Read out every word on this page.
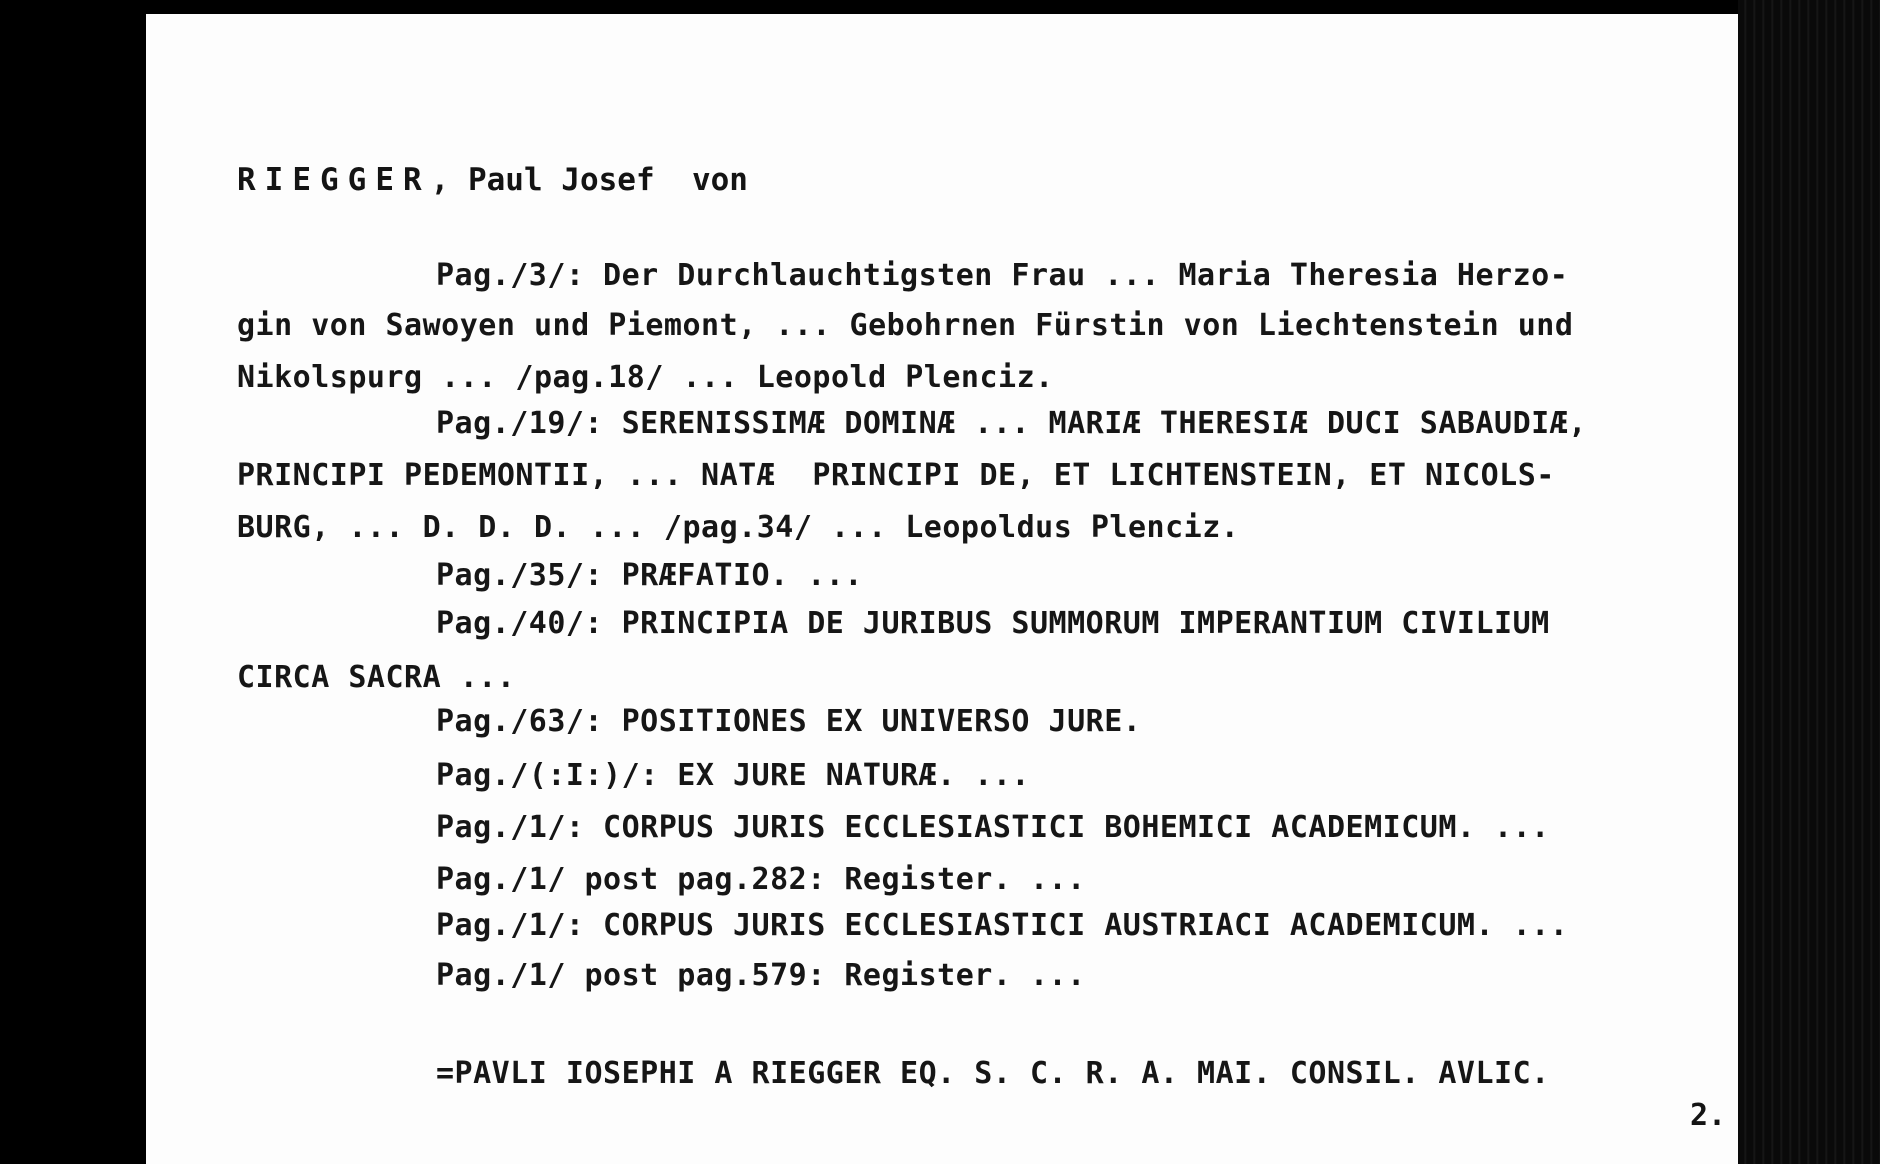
RIEGGER, Paul Josef  von
Pag./3/: Der Durchlauchtigsten Frau ... Maria Theresia Herzo-
gin von Sawoyen und Piemont, ... Gebohrnen Fürstin von Liechtenstein und
Nikolspurg ... /pag.18/ ... Leopold Plenciz.
Pag./19/: SERENISSIMÆ DOMINÆ ... MARIÆ THERESIÆ DUCI SABAUDIÆ,
PRINCIPI PEDEMONTII, ... NATÆ  PRINCIPI DE, ET LICHTENSTEIN, ET NICOLS-
BURG, ... D. D. D. ... /pag.34/ ... Leopoldus Plenciz.
Pag./35/: PRÆFATIO. ...
Pag./40/: PRINCIPIA DE JURIBUS SUMMORUM IMPERANTIUM CIVILIUM
CIRCA SACRA ...
Pag./63/: POSITIONES EX UNIVERSO JURE.
Pag./(:I:)/: EX JURE NATURÆ. ...
Pag./1/: CORPUS JURIS ECCLESIASTICI BOHEMICI ACADEMICUM. ...
Pag./1/ post pag.282: Register. ...
Pag./1/: CORPUS JURIS ECCLESIASTICI AUSTRIACI ACADEMICUM. ...
Pag./1/ post pag.579: Register. ...
=PAVLI IOSEPHI A RIEGGER EQ. S. C. R. A. MAI. CONSIL. AVLIC.
2.
